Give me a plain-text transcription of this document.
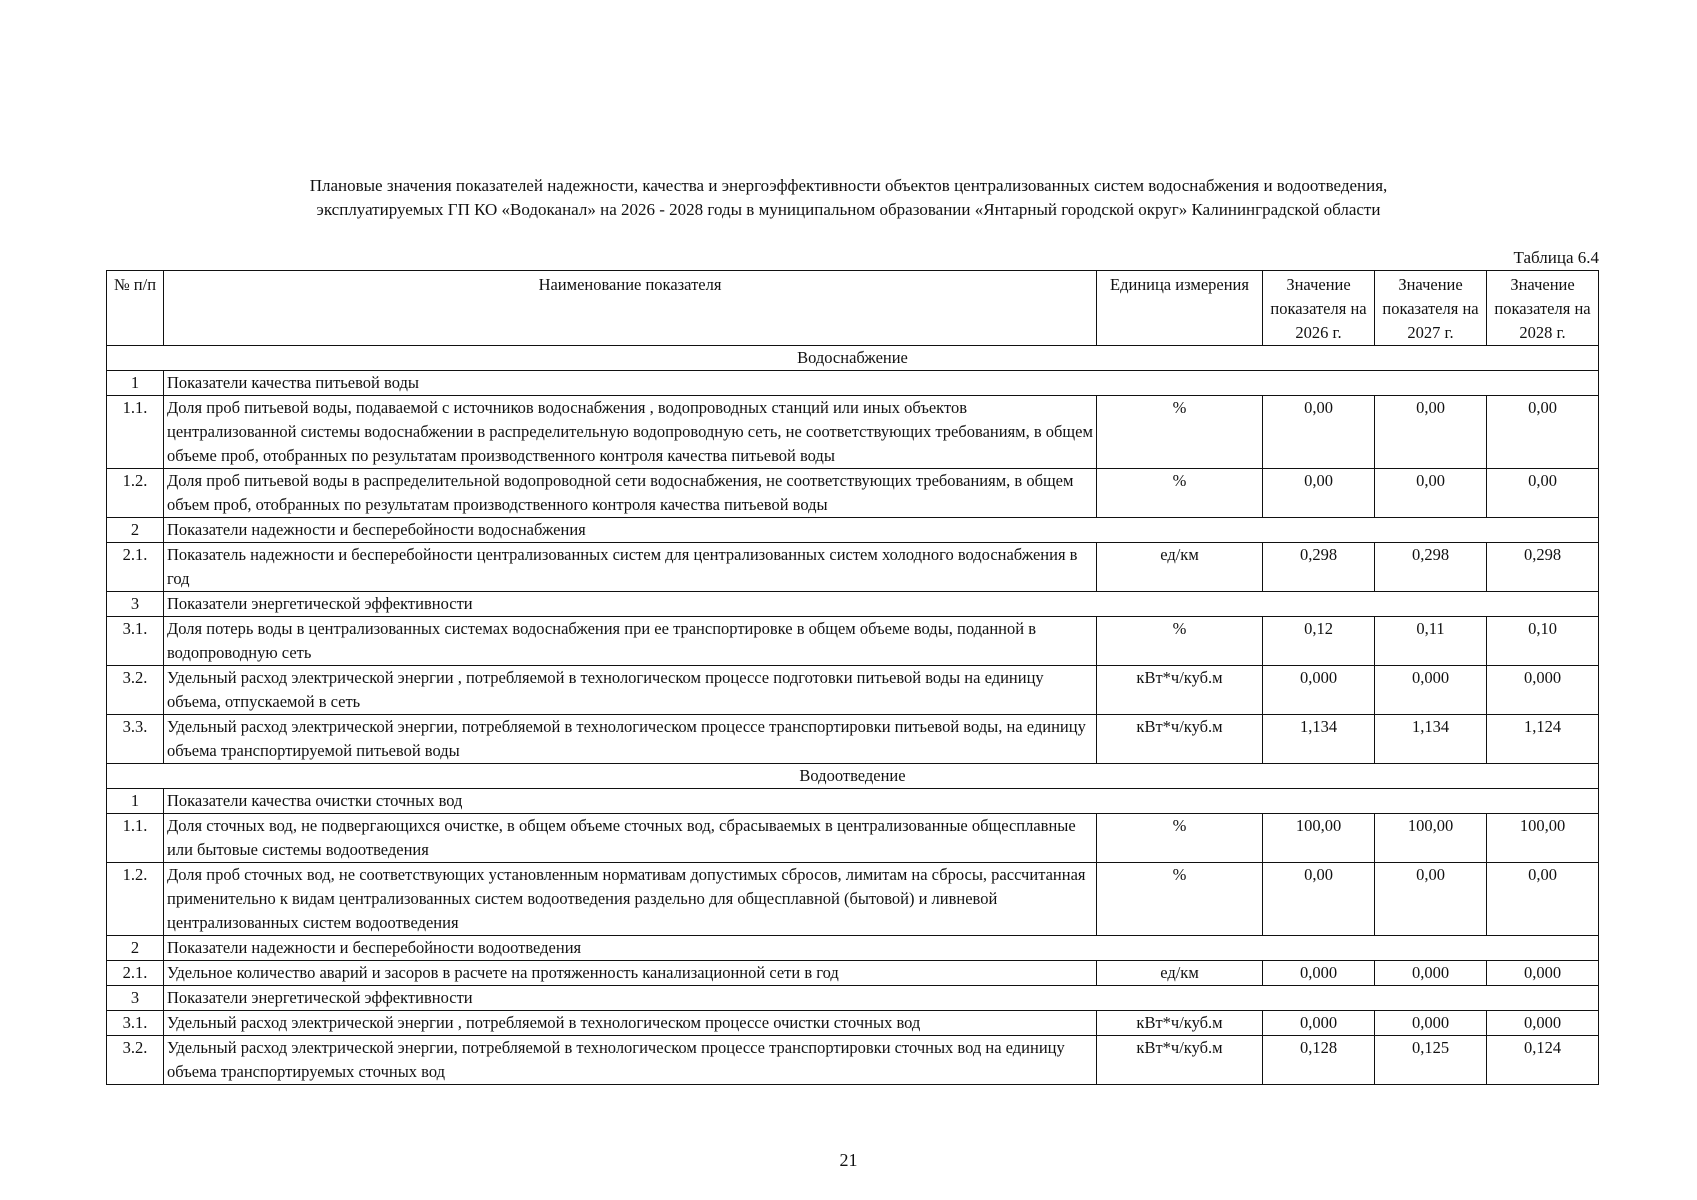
Плановые значения показателей надежности, качества и энергоэффективности объектов централизованных систем водоснабжения и водоотведения,
эксплуатируемых ГП КО «Водоканал» на 2026 - 2028 годы в муниципальном образовании «Янтарный городской округ» Калининградской области
Таблица 6.4
№ п/п	Наименование показателя	Единица измерения	Значение показателя на 2026 г.	Значение показателя на 2027 г.	Значение показателя на 2028 г.
Водоснабжение					
1	Показатели качества питьевой воды				
1.1.	Доля проб питьевой воды, подаваемой с источников водоснабжения , водопроводных станций или иных объектов централизованной системы водоснабжении в распределительную водопроводную сеть, не соответствующих требованиям, в общем объеме проб, отобранных по результатам производственного контроля качества питьевой воды	%	0,00	0,00	0,00
1.2.	Доля проб питьевой воды в распределительной водопроводной сети водоснабжения, не соответствующих требованиям, в общем объем проб, отобранных по результатам производственного контроля качества питьевой воды	%	0,00	0,00	0,00
2	Показатели надежности и бесперебойности водоснабжения				
2.1.	Показатель надежности и бесперебойности централизованных систем для централизованных систем холодного водоснабжения в год	ед/км	0,298	0,298	0,298
3	Показатели энергетической эффективности				
3.1.	Доля потерь воды в централизованных системах водоснабжения при ее транспортировке в общем объеме воды, поданной в водопроводную сеть	%	0,12	0,11	0,10
3.2.	Удельный расход электрической энергии , потребляемой в технологическом процессе подготовки питьевой воды на единицу объема, отпускаемой в сеть	кВт*ч/куб.м	0,000	0,000	0,000
3.3.	Удельный расход электрической энергии, потребляемой в технологическом процессе транспортировки питьевой воды, на единицу объема транспортируемой питьевой воды	кВт*ч/куб.м	1,134	1,134	1,124
Водоотведение					
1	Показатели качества очистки сточных вод				
1.1.	Доля сточных вод, не подвергающихся очистке, в общем объеме сточных вод, сбрасываемых в централизованные общесплавные или бытовые системы водоотведения	%	100,00	100,00	100,00
1.2.	Доля проб сточных вод, не соответствующих установленным нормативам допустимых сбросов, лимитам на сбросы, рассчитанная применительно к видам централизованных систем водоотведения раздельно для общесплавной (бытовой) и ливневой централизованных систем водоотведения	%	0,00	0,00	0,00
2	Показатели надежности и бесперебойности водоотведения				
2.1.	Удельное количество аварий и засоров в расчете на протяженность канализационной сети в год	ед/км	0,000	0,000	0,000
3	Показатели энергетической эффективности				
3.1.	Удельный расход электрической энергии , потребляемой в технологическом процессе очистки сточных вод	кВт*ч/куб.м	0,000	0,000	0,000
3.2.	Удельный расход электрической энергии, потребляемой в технологическом процессе транспортировки сточных вод на единицу объема транспортируемых сточных вод	кВт*ч/куб.м	0,128	0,125	0,124
21
